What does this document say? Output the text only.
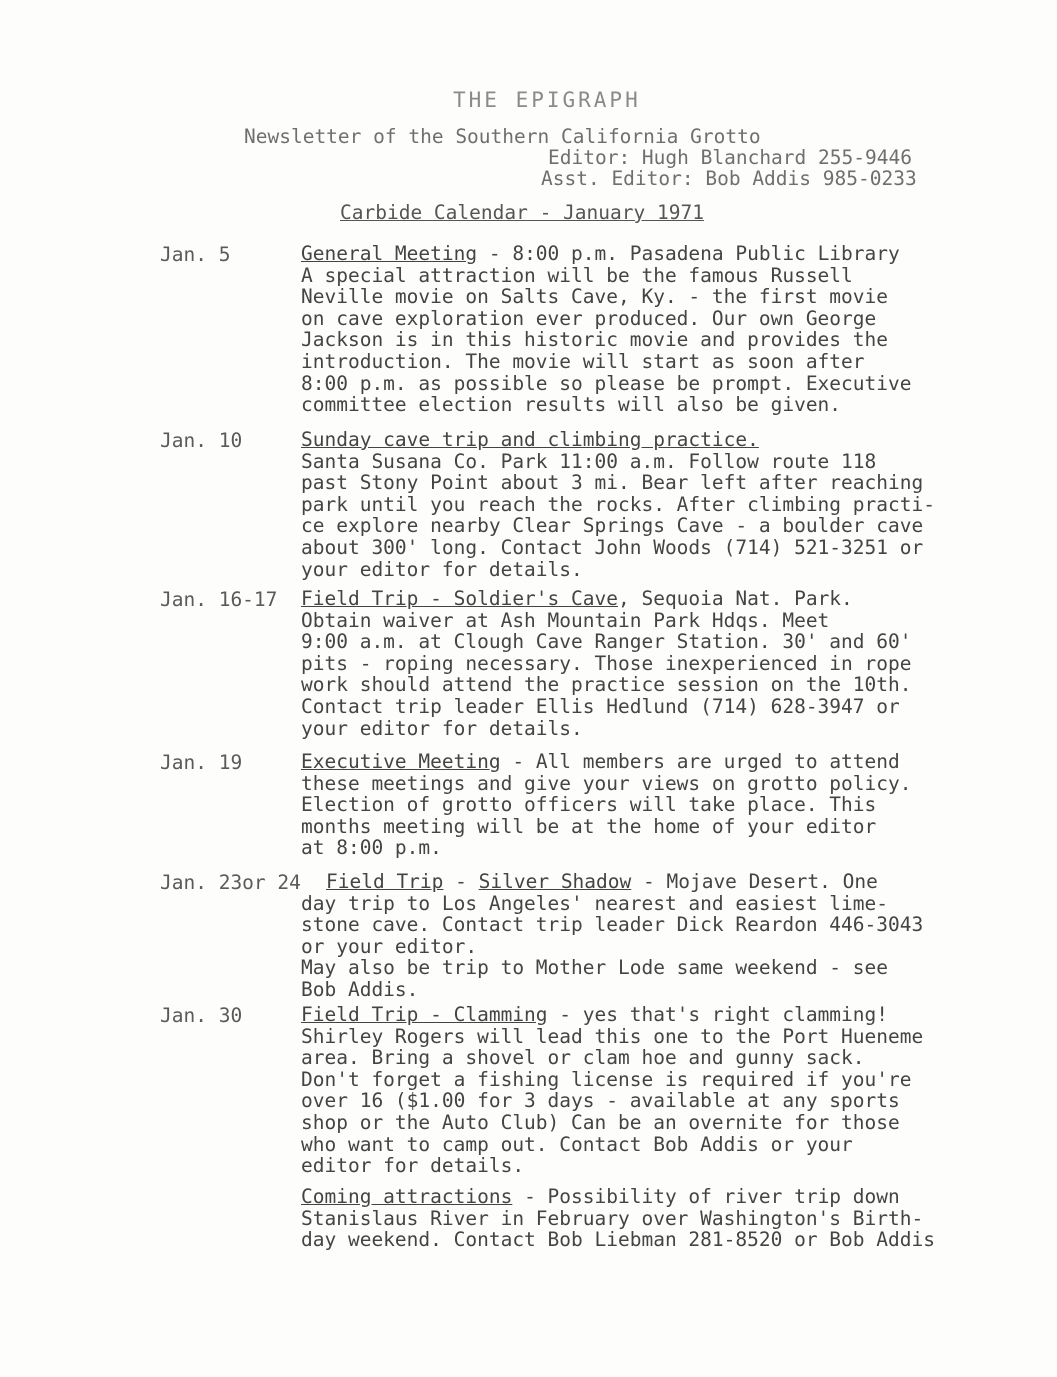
THE EPIGRAPH
Newsletter of the Southern California Grotto
Editor: Hugh Blanchard 255-9446
Asst. Editor: Bob Addis 985-0233
Carbide Calendar - January 1971
Jan. 5	General Meeting - 8:00 p.m. Pasadena Public Library
A special attraction will be the famous Russell
Neville movie on Salts Cave, Ky. - the first movie
on cave exploration ever produced. Our own George
Jackson is in this historic movie and provides the
introduction. The movie will start as soon after
8:00 p.m. as possible so please be prompt. Executive
committee election results will also be given.
Jan. 10	Sunday cave trip and climbing practice.
Santa Susana Co. Park 11:00 a.m. Follow route 118
past Stony Point about 3 mi. Bear left after reaching
park until you reach the rocks. After climbing practi-
ce explore nearby Clear Springs Cave - a boulder cave
about 300' long. Contact John Woods (714) 521-3251 or
your editor for details.
Jan. 16-17 Field Trip - Soldier's Cave, Sequoia Nat. Park.
Obtain waiver at Ash Mountain Park Hdqs. Meet
9:00 a.m. at Clough Cave Ranger Station. 30' and 60'
pits - roping necessary. Those inexperienced in rope
work should attend the practice session on the 10th.
Contact trip leader Ellis Hedlund (714) 628-3947 or
your editor for details.
Jan. 19	Executive Meeting - All members are urged to attend
these meetings and give your views on grotto policy.
Election of grotto officers will take place. This
months meeting will be at the home of your editor
at 8:00 p.m.
Jan. 23or 24 Field Trip - Silver Shadow - Mojave Desert. One
day trip to Los Angeles' nearest and easiest lime-
stone cave. Contact trip leader Dick Reardon 446-3043
or your editor.
May also be trip to Mother Lode same weekend - see
Bob Addis.
Jan. 30	Field Trip - Clamming - yes that's right clamming!
Shirley Rogers will lead this one to the Port Hueneme
area. Bring a shovel or clam hoe and gunny sack.
Don't forget a fishing license is required if you're
over 16 ($1.00 for 3 days - available at any sports
shop or the Auto Club) Can be an overnite for those
who want to camp out. Contact Bob Addis or your
editor for details.
Coming attractions - Possibility of river trip down
Stanislaus River in February over Washington's Birth-
day weekend. Contact Bob Liebman 281-8520 or Bob Addis
